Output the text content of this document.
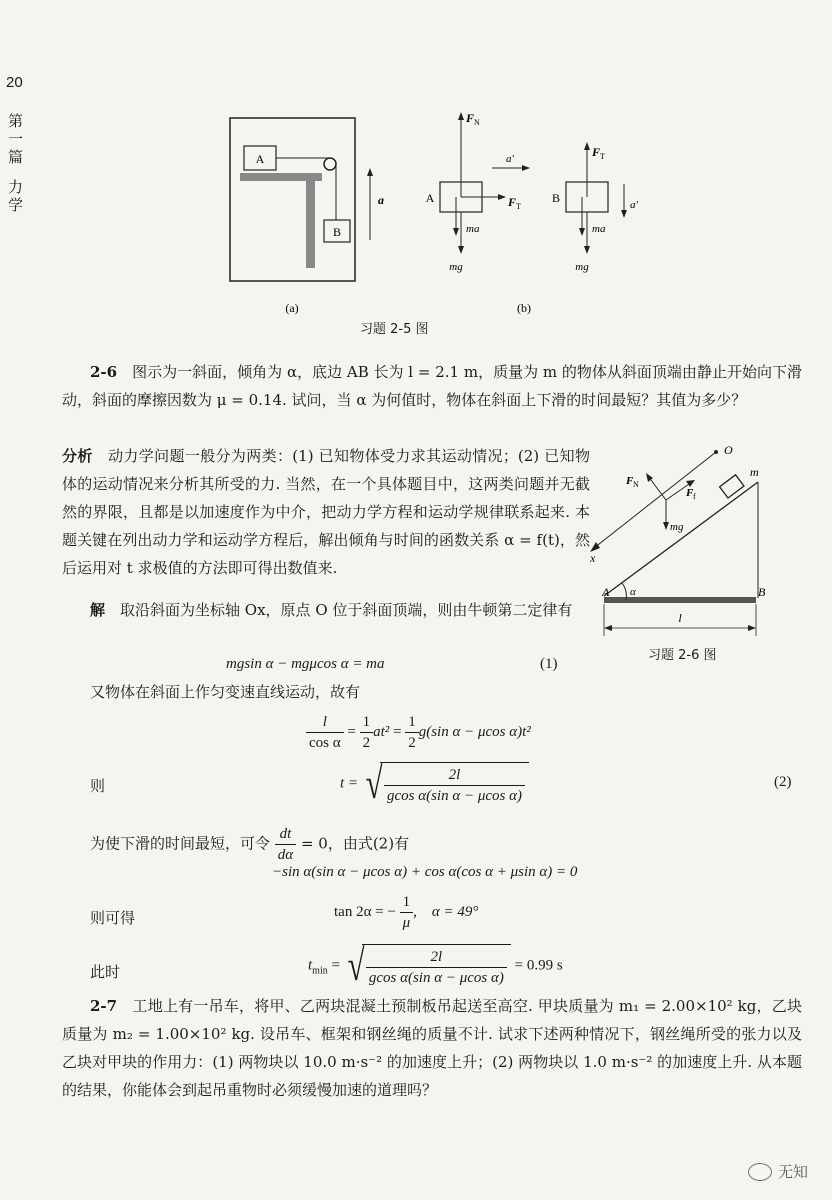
20
第
一
篇
力
学
A
B
a
(a)
A
F N
F T
ma
mg
a′
B
F T
ma
mg
a′
(b)
习题 2-5 图
2-6　 图示为一斜面，倾角为 α，底边 AB 长为 l = 2.1 m，质量为 m 的物体从斜面顶端由静止开始向下滑动，斜面的摩擦因数为 μ = 0.14. 试问，当 α 为何值时，物体在斜面上下滑的时间最短？其值为多少？
分析　 动力学问题一般分为两类：(1) 已知物体受力求其运动情况；(2) 已知物体的运动情况来分析其所受的力. 当然，在一个具体题目中，这两类问题并无截然的界限，且都是以加速度作为中介，把动力学方程和运动学规律联系起来. 本题关键在列出动力学和运动学方程后，解出倾角与时间的函数关系 α = f(t)，然后运用对 t 求极值的方法即可得出数值来.
解　 取沿斜面为坐标轴 Ox，原点 O 位于斜面顶端，则由牛顿第二定律有
O
x
m
F N
F f
mg
A α	B
l
习题 2-6 图
mgsin α − mgμcos α = ma	(1)
又物体在斜面上作匀变速直线运动，故有
$\frac{l}{\text{cos α}} = \frac{1}{2} at^2 = \frac{1}{2} g(\sin$ α − μcos α)t²
则	t = √ $\frac{2l}{\text{gcos α(sin α − μcos α)}}$	(2)
为使下滑的时间最短，可令 $\frac{dt}{d\alpha} = 0$，由式(2)有
−sin α(sin α − μcos α) + cos α(cos α + μsin α) = 0
则可得	tan 2α = − $\frac{1}{\mu}$ ,    α = 49°
此时	$t_{min}$ = √ $\frac{2l}{\text{gcos α(sin α − μcos α)}} = 0.99$ s
2-7　 工地上有一吊车，将甲、乙两块混凝土预制板吊起送至高空. 甲块质量为 m₁ = 2.00×10² kg，乙块质量为 m₂ = 1.00×10² kg. 设吊车、框架和钢丝绳的质量不计. 试求下述两种情况下，钢丝绳所受的张力以及乙块对甲块的作用力：(1) 两物块以 10.0 m·s⁻² 的加速度上升；(2) 两物块以 1.0 m·s⁻² 的加速度上升. 从本题的结果，你能体会到起吊重物时必须缓慢加速的道理吗？
无知
